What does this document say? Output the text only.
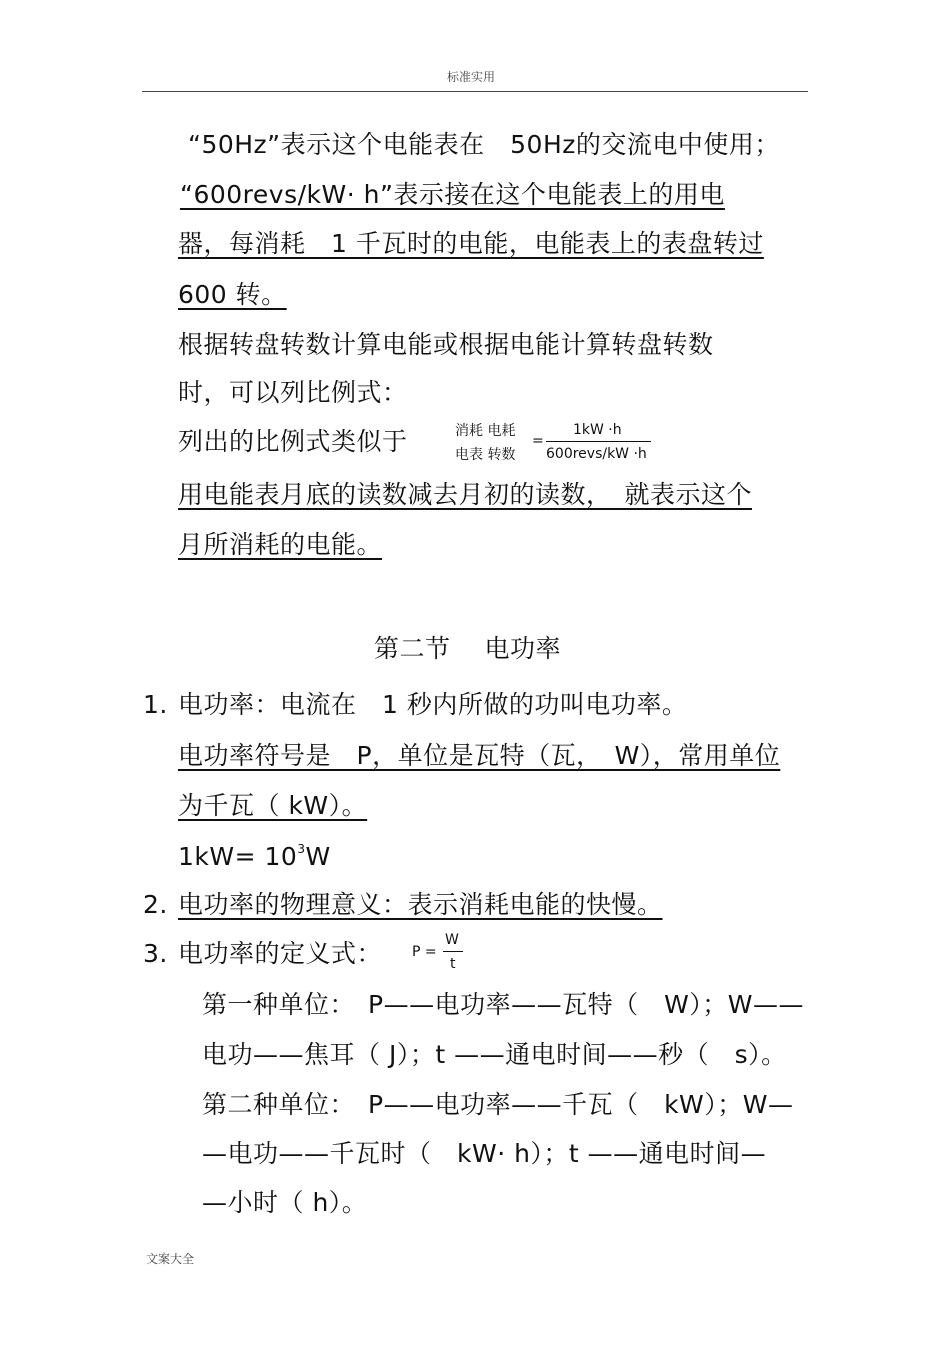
标准实用
“50Hz”表示这个电能表在　50Hz的交流电中使用；
“600revs/kW· h”表示接在这个电能表上的用电
器，每消耗　1 千瓦时的电能，电能表上的表盘转过
600 转。
根据转盘转数计算电能或根据电能计算转盘转数
时，可以列比例式：
列出的比例式类似于	消耗 电耗
电表 转数
=
1kW ·h
600revs/kW ·h
用电能表月底的读数减去月初的读数，　就表示这个
月所消耗的电能。
第二节　 电功率
1. 电功率：电流在　1 秒内所做的功叫电功率。
电功率符号是　P，单位是瓦特（瓦，　W），常用单位
为千瓦（ kW）。
$1kW= 10^3W$
2. 电功率的物理意义：表示消耗电能的快慢。
3. 电功率的定义式： P =
W
t
第一种单位：　P——电功率——瓦特（　W）；W——
电功——焦耳（ J）；t ——通电时间——秒（　s）。
第二种单位：　P——电功率——千瓦（　kW）；W—
—电功——千瓦时（　kW· h）；t ——通电时间—
—小时（ h）。
文案大全
